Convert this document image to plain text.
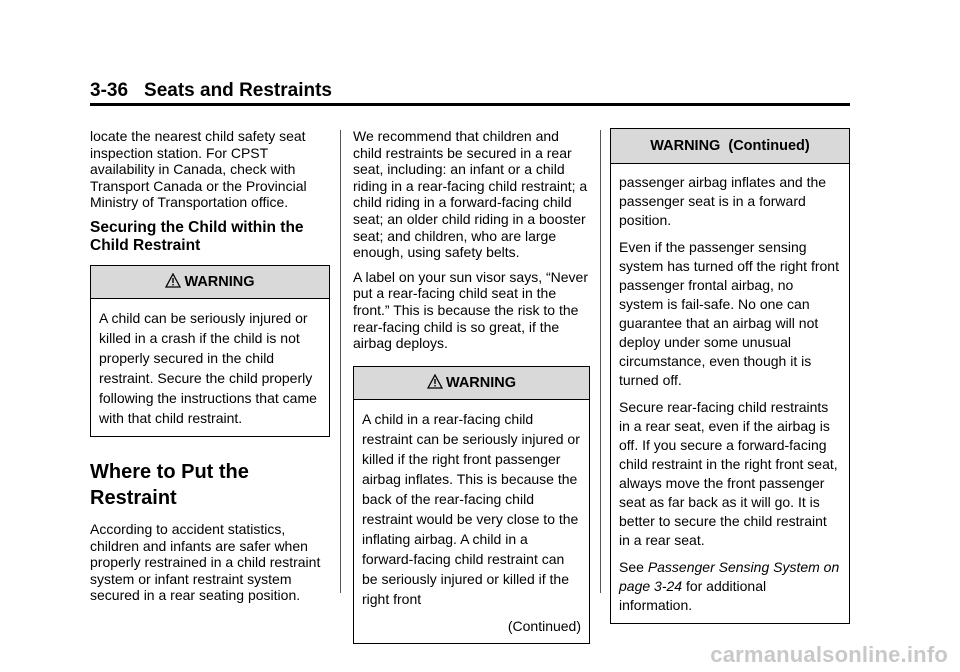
3-36 Seats and Restraints

locate the nearest child safety seat inspection station. For CPST availability in Canada, check with Transport Canada or the Provincial Ministry of Transportation office.

Securing the Child within the Child Restraint
WARNING

A child can be seriously injured or killed in a crash if the child is not properly secured in the child restraint. Secure the child properly following the instructions that came with that child restraint.

Where to Put the Restraint

According to accident statistics, children and infants are safer when properly restrained in a child restraint system or infant restraint system secured in a rear seating position.

We recommend that children and child restraints be secured in a rear seat, including: an infant or a child riding in a rear-facing child restraint; a child riding in a forward-facing child seat; an older child riding in a booster seat; and children, who are large enough, using safety belts.

A label on your sun visor says, “Never put a rear-facing child seat in the front.” This is because the risk to the rear-facing child is so great, if the airbag deploys.

WARNING

A child in a rear-facing child restraint can be seriously injured or killed if the right front passenger airbag inflates. This is because the back of the rear-facing child restraint would be very close to the inflating airbag. A child in a forward-facing child restraint can be seriously injured or killed if the right front

(Continued)
WARNING  (Continued)

passenger airbag inflates and the passenger seat is in a forward position.

Even if the passenger sensing system has turned off the right front passenger frontal airbag, no system is fail-safe. No one can guarantee that an airbag will not deploy under some unusual circumstance, even though it is turned off.

Secure rear-facing child restraints in a rear seat, even if the airbag is off. If you secure a forward-facing child restraint in the right front seat, always move the front passenger seat as far back as it will go. It is better to secure the child restraint in a rear seat.

See Passenger Sensing System on page 3-24 for additional information.

carmanualsonline.info
